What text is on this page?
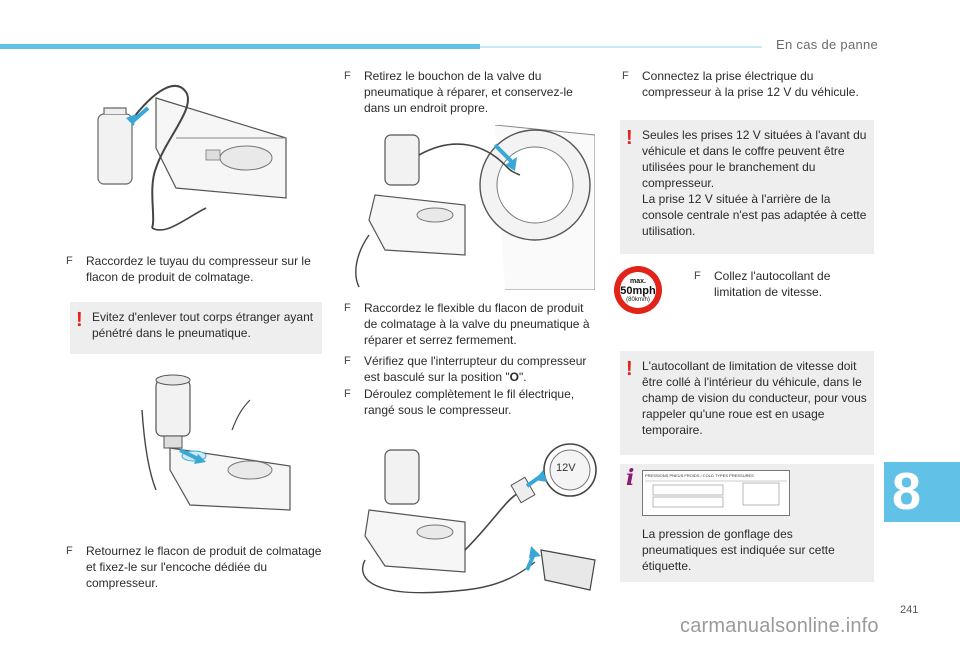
En cas de panne
F	Raccordez le tuyau du compresseur sur le flacon de produit de colmatage.
! Evitez d'enlever tout corps étranger ayant pénétré dans le pneumatique.
F	Retournez le flacon de produit de colmatage et fixez-le sur l'encoche dédiée du compresseur.
F	Retirez le bouchon de la valve du pneumatique à réparer, et conservez-le dans un endroit propre.
F	Raccordez le flexible du flacon de produit de colmatage à la valve du pneumatique à réparer et serrez fermement.
F	Vérifiez que l'interrupteur du compresseur est basculé sur la position "O".
F	Déroulez complètement le fil électrique, rangé sous le compresseur.
12V
F	Connectez la prise électrique du compresseur à la prise 12 V du véhicule.
! Seules les prises 12 V situées à l'avant du véhicule et dans le coffre peuvent être utilisées pour le branchement du compresseur.
La prise 12 V située à l'arrière de la console centrale n'est pas adaptée à cette utilisation.
max.
50mph
(80km/h)
F	Collez l'autocollant de limitation de vitesse.
! L'autocollant de limitation de vitesse doit être collé à l'intérieur du véhicule, dans le champ de vision du conducteur, pour vous rappeler qu'une roue est en usage temporaire.
i	PRESSIONS PNEUS FROIDS / COLD TYPES PRESSURES
La pression de gonflage des pneumatiques est indiquée sur cette étiquette.
8
241
carmanualsonline.info
